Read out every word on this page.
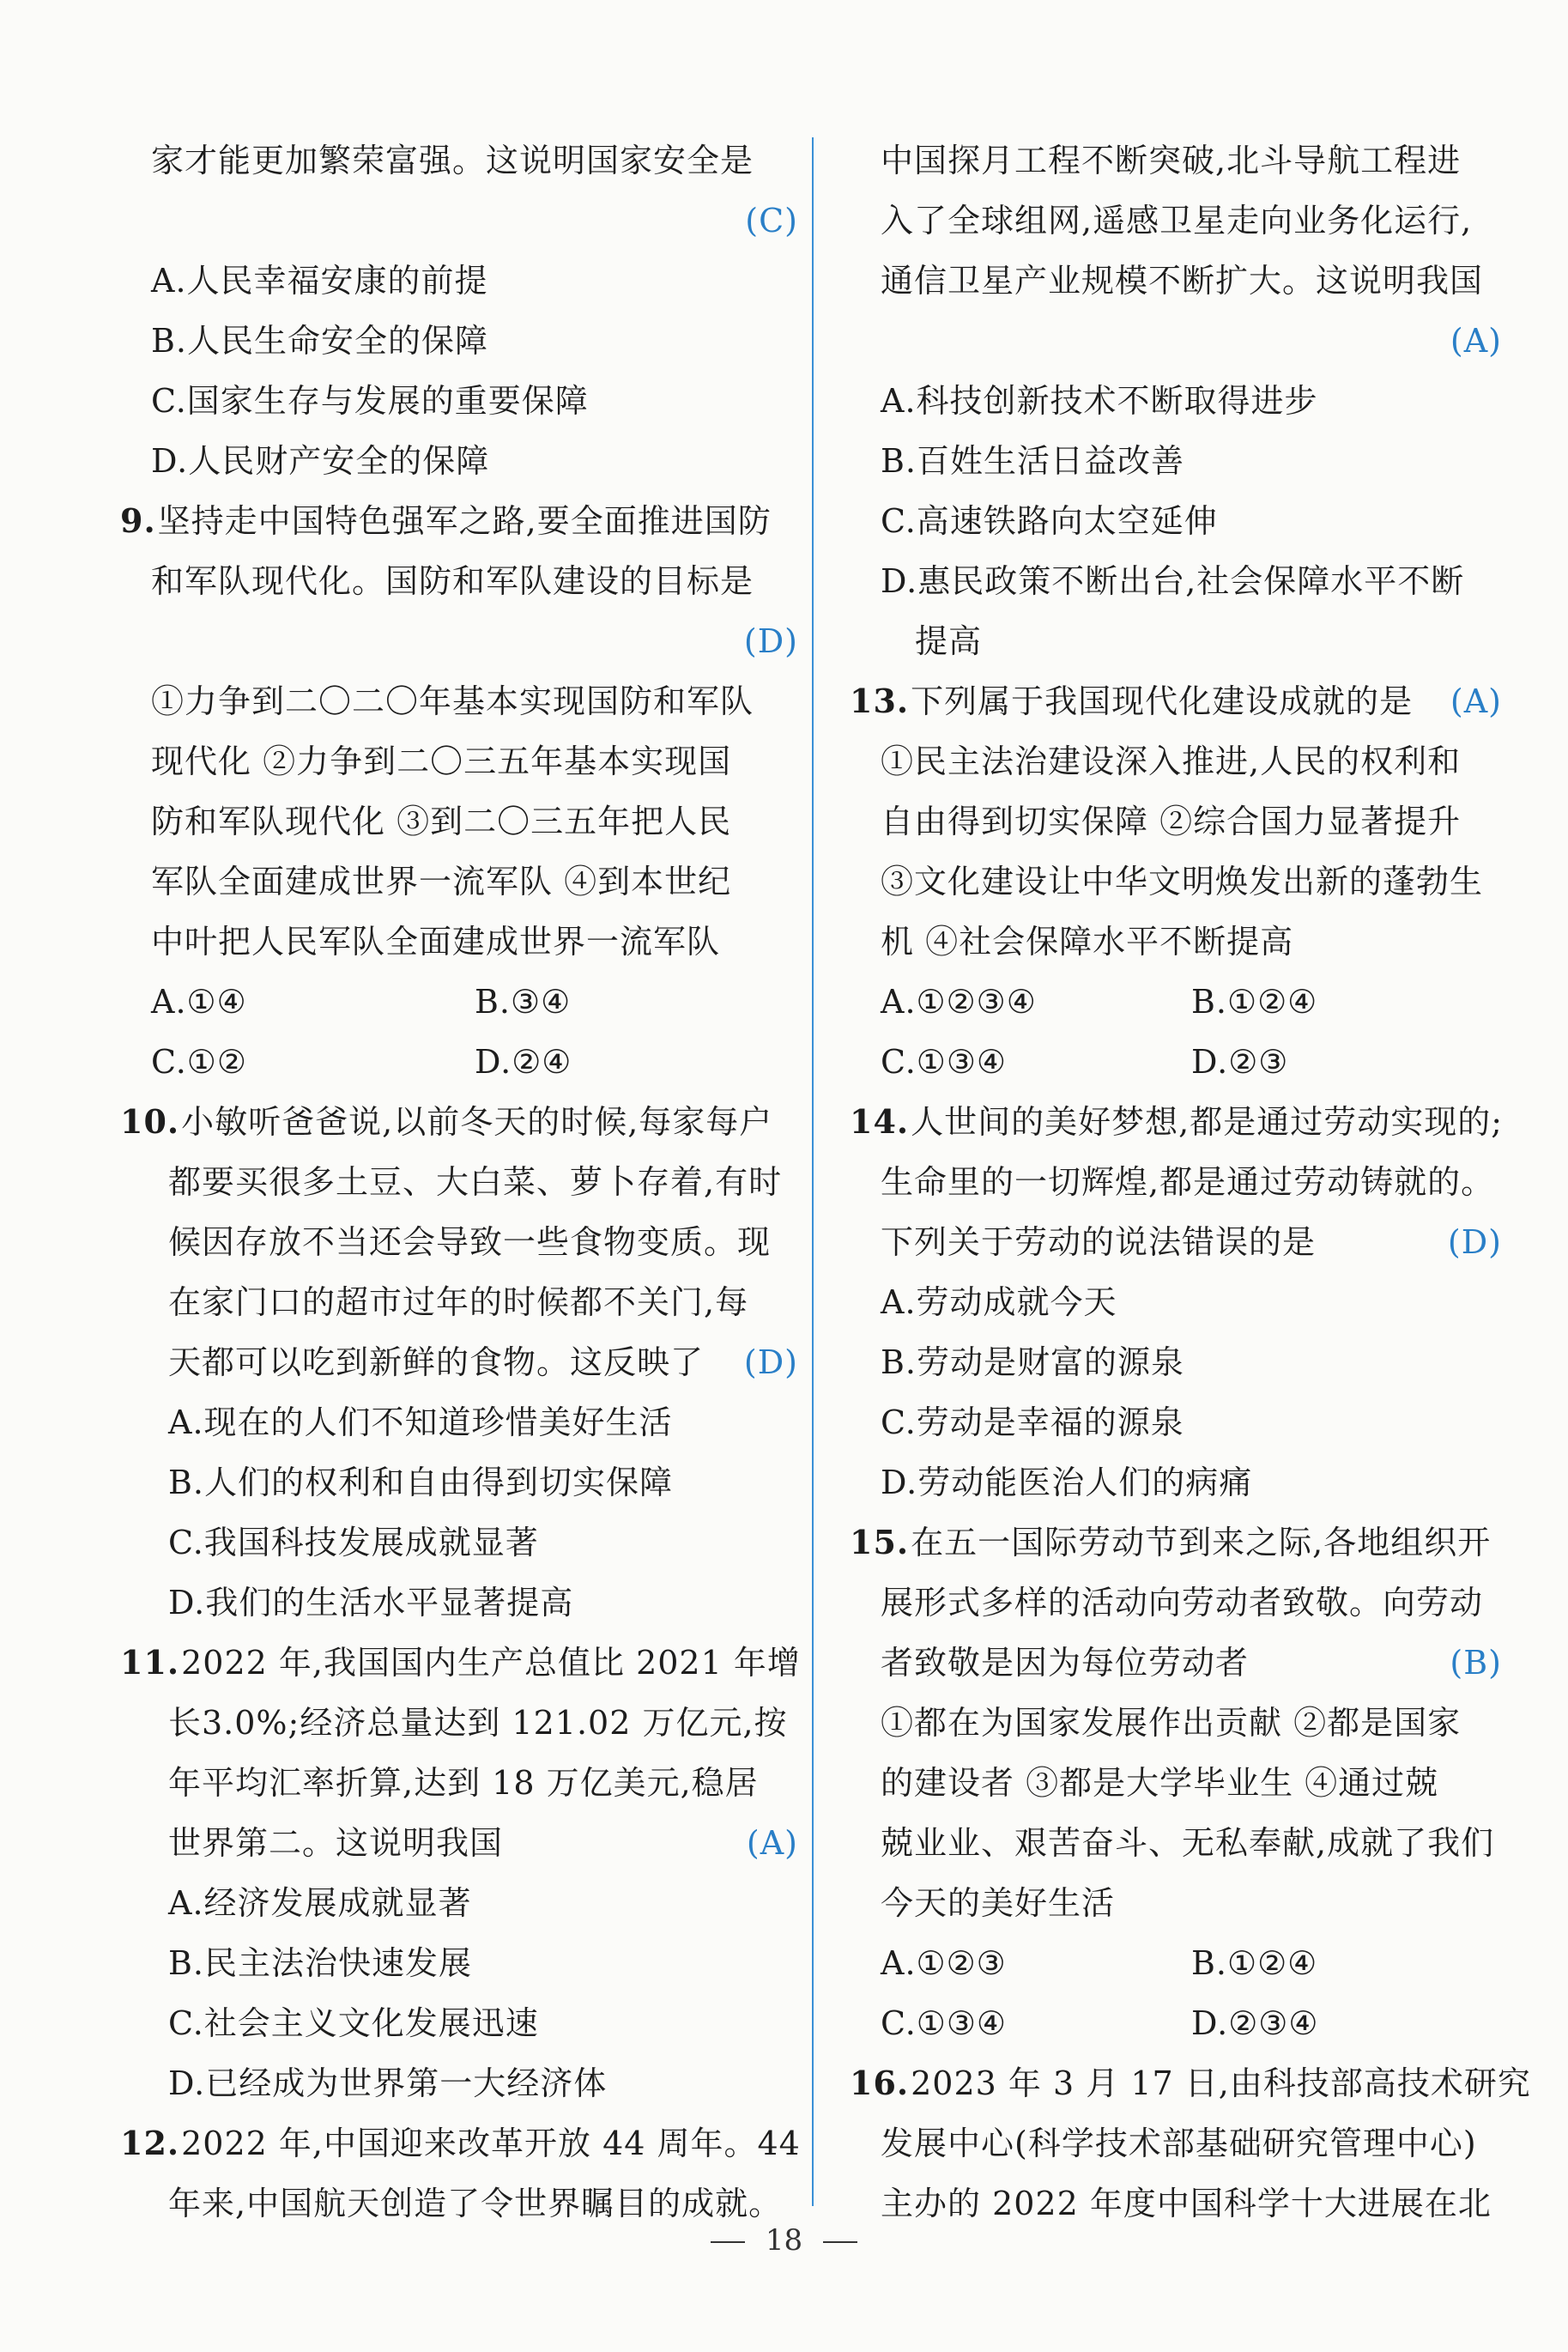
家才能更加繁荣富强。这说明国家安全是
(C)
A.人民幸福安康的前提
B.人民生命安全的保障
C.国家生存与发展的重要保障
D.人民财产安全的保障
9.坚持走中国特色强军之路,要全面推进国防
和军队现代化。国防和军队建设的目标是
(D)
①力争到二〇二〇年基本实现国防和军队
现代化 ②力争到二〇三五年基本实现国
防和军队现代化 ③到二〇三五年把人民
军队全面建成世界一流军队 ④到本世纪
中叶把人民军队全面建成世界一流军队
A.①④	B.③④
C.①②	D.②④
10.小敏听爸爸说,以前冬天的时候,每家每户
都要买很多土豆、大白菜、萝卜存着,有时
候因存放不当还会导致一些食物变质。现
在家门口的超市过年的时候都不关门,每
天都可以吃到新鲜的食物。这反映了 (D)
A.现在的人们不知道珍惜美好生活
B.人们的权利和自由得到切实保障
C.我国科技发展成就显著
D.我们的生活水平显著提高
11.2022 年,我国国内生产总值比 2021 年增
长3.0%;经济总量达到 121.02 万亿元,按
年平均汇率折算,达到 18 万亿美元,稳居
世界第二。这说明我国	(A)
A.经济发展成就显著
B.民主法治快速发展
C.社会主义文化发展迅速
D.已经成为世界第一大经济体
12.2022 年,中国迎来改革开放 44 周年。44
年来,中国航天创造了令世界瞩目的成就。
中国探月工程不断突破,北斗导航工程进
入了全球组网,遥感卫星走向业务化运行,
通信卫星产业规模不断扩大。这说明我国
(A)
A.科技创新技术不断取得进步
B.百姓生活日益改善
C.高速铁路向太空延伸
D.惠民政策不断出台,社会保障水平不断
提高
13.下列属于我国现代化建设成就的是 (A)
①民主法治建设深入推进,人民的权利和
自由得到切实保障 ②综合国力显著提升
③文化建设让中华文明焕发出新的蓬勃生
机 ④社会保障水平不断提高
A.①②③④	B.①②④
C.①③④	D.②③
14.人世间的美好梦想,都是通过劳动实现的;
生命里的一切辉煌,都是通过劳动铸就的。
下列关于劳动的说法错误的是	(D)
A.劳动成就今天
B.劳动是财富的源泉
C.劳动是幸福的源泉
D.劳动能医治人们的病痛
15.在五一国际劳动节到来之际,各地组织开
展形式多样的活动向劳动者致敬。向劳动
者致敬是因为每位劳动者	(B)
①都在为国家发展作出贡献 ②都是国家
的建设者 ③都是大学毕业生 ④通过兢
兢业业、艰苦奋斗、无私奉献,成就了我们
今天的美好生活
A.①②③	B.①②④
C.①③④	D.②③④
16.2023 年 3 月 17 日,由科技部高技术研究
发展中心(科学技术部基础研究管理中心)
主办的 2022 年度中国科学十大进展在北
18
